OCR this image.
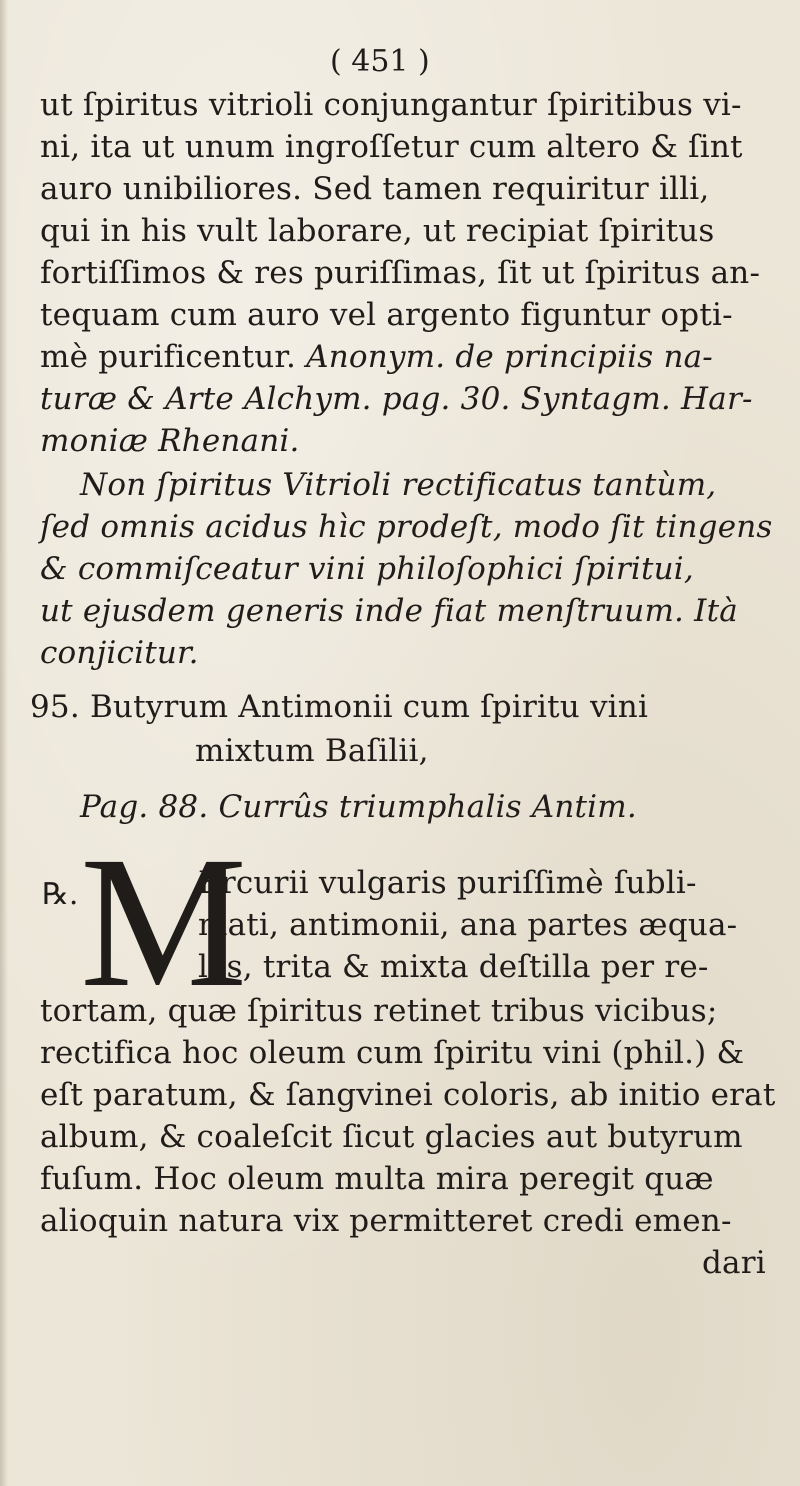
( 451 )
ut ſpiritus vitrioli conjungantur ſpiritibus vi-
ni, ita ut unum ingroſſetur cum altero & ſint
auro unibiliores. Sed tamen requiritur illi,
qui in his vult laborare, ut recipiat ſpiritus
fortiſſimos & res puriſſimas, ſit ut ſpiritus an-
tequam cum auro vel argento figuntur opti-
mè purificentur. Anonym. de principiis na-
turæ & Arte Alchym. pag. 30. Syntagm. Har-
moniæ Rhenani.
Non ſpiritus Vitrioli rectificatus tantùm,
ſed omnis acidus hìc prodeſt, modo ſit tingens
& commiſceatur vini philoſophici ſpiritui,
ut ejusdem generis inde fiat menſtruum. Ità
conjicitur.
95. Butyrum Antimonii cum ſpiritu vini
mixtum Baſilii,
Pag. 88. Currûs triumphalis Antim.
Ercurii vulgaris puriſſimè ſubli-
mati, antimonii, ana partes æqua-
les, trita & mixta deſtilla per re-
tortam, quæ ſpiritus retinet tribus vicibus;
rectifica hoc oleum cum ſpiritu vini (phil.) &
eſt paratum, & ſangvinei coloris, ab initio erat
album, & coaleſcit ſicut glacies aut butyrum
fuſum. Hoc oleum multa mira peregit quæ
alioquin natura vix permitteret credi emen-
dari
℞. M
